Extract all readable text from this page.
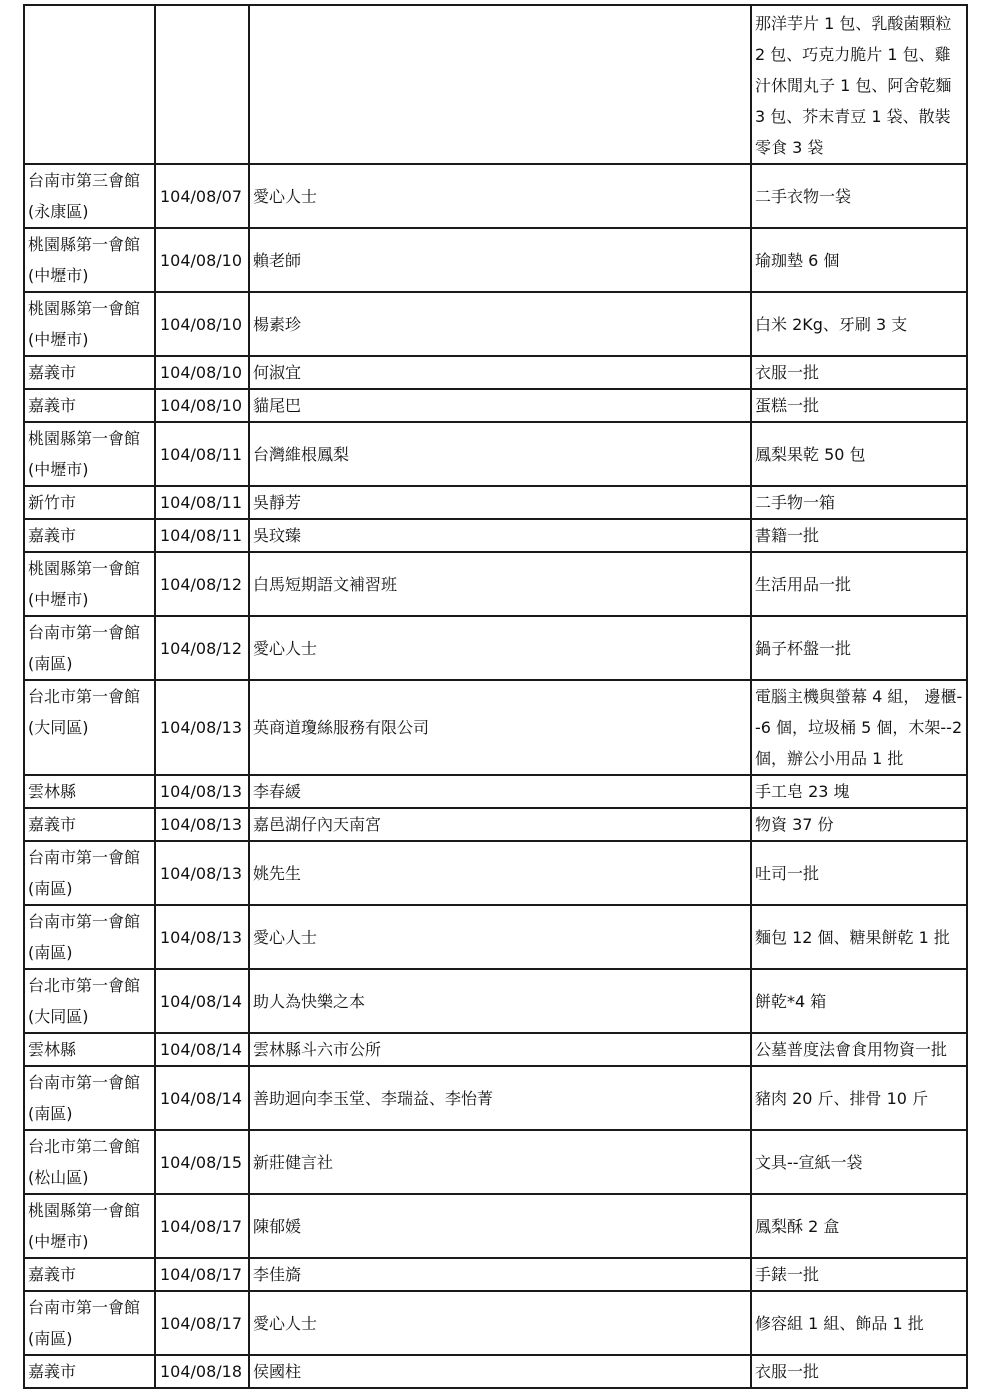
			那洋芋片 1 包、乳酸菌顆粒 2 包、巧克力脆片 1 包、雞汁休閒丸子 1 包、阿舍乾麵 3 包、芥末青豆 1 袋、散裝零食 3 袋
台南市第三會館(永康區)	104/08/07	愛心人士	二手衣物一袋
桃園縣第一會館(中壢市)	104/08/10	賴老師	瑜珈墊 6 個
桃園縣第一會館(中壢市)	104/08/10	楊素珍	白米 2Kg、牙刷 3 支
嘉義市	104/08/10	何淑宜	衣服一批
嘉義市	104/08/10	貓尾巴	蛋糕一批
桃園縣第一會館(中壢市)	104/08/11	台灣維根鳳梨	鳳梨果乾 50 包
新竹市	104/08/11	吳靜芳	二手物一箱
嘉義市	104/08/11	吳玟臻	書籍一批
桃園縣第一會館(中壢市)	104/08/12	白馬短期語文補習班	生活用品一批
台南市第一會館(南區)	104/08/12	愛心人士	鍋子杯盤一批
台北市第一會館(大同區)	104/08/13	英商道瓊絲服務有限公司	電腦主機與螢幕 4 組， 邊櫃--6 個，垃圾桶 5 個，木架--2 個，辦公小用品 1 批
雲林縣	104/08/13	李春緩	手工皂 23 塊
嘉義市	104/08/13	嘉邑湖仔內天南宮	物資 37 份
台南市第一會館(南區)	104/08/13	姚先生	吐司一批
台南市第一會館(南區)	104/08/13	愛心人士	麵包 12 個、糖果餅乾 1 批
台北市第一會館(大同區)	104/08/14	助人為快樂之本	餅乾*4 箱
雲林縣	104/08/14	雲林縣斗六市公所	公墓普度法會食用物資一批
台南市第一會館(南區)	104/08/14	善助迴向李玉堂、李瑞益、李怡菁	豬肉 20 斤、排骨 10 斤
台北市第二會館(松山區)	104/08/15	新莊健言社	文具--宣紙一袋
桃園縣第一會館(中壢市)	104/08/17	陳郁媛	鳳梨酥 2 盒
嘉義市	104/08/17	李佳旖	手錶一批
台南市第一會館(南區)	104/08/17	愛心人士	修容組 1 組、飾品 1 批
嘉義市	104/08/18	侯國柱	衣服一批
